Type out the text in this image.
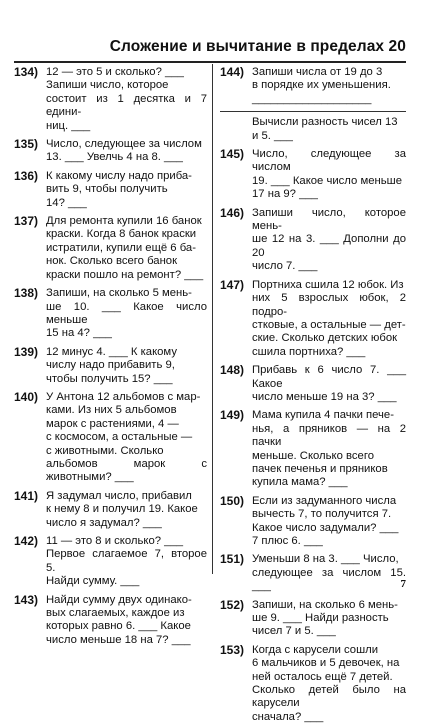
Сложение и вычитание в пределах 20
134) 12 — это 5 и сколько? ___
Запиши число, которое
состоит из 1 десятка и 7 едини-
ниц. ___
135) Число, следующее за числом
13. ___ Увелчь 4 на 8. ___
136) К какому числу надо приба-
вить 9, чтобы получить
14? ___
137) Для ремонта купили 16 банок
краски. Когда 8 банок краски
истратили, купили ещё 6 ба-
нок. Сколько всего банок
краски пошло на ремонт? ___
138) Запиши, на сколько 5 мень-
ше 10. ___ Какое число меньше
15 на 4? ___
139) 12 минус 4. ___ К какому
числу надо прибавить 9,
чтобы получить 15? ___
140) У Антона 12 альбомов с мар-
ками. Из них 5 альбомов
марок с растениями, 4 —
с космосом, а остальные —
с животными. Сколько
альбомов марок с животными? ___
141) Я задумал число, прибавил
к нему 8 и получил 19. Какое
число я задумал? ___
142) 11 — это 8 и сколько? ___
Первое слагаемое 7, второе 5.
Найди сумму. ___
143) Найди сумму двух одинако-
вых слагаемых, каждое из
которых равно 6. ___ Какое
число меньше 18 на 7? ___
144) Запиши числа от 19 до 3
в порядке их уменьшения.
___________________
Вычисли разность чисел 13
и 5. ___
145) Число, следующее за числом
19. ___ Какое число меньше
17 на 9? ___
146) Запиши число, которое мень-
ше 12 на 3. ___ Дополни до 20
число 7. ___
147) Портниха сшила 12 юбок. Из
них 5 взрослых юбок, 2 подро-
стковые, а остальные — дет-
ские. Сколько детских юбок
сшила портниха? ___
148) Прибавь к 6 число 7. ___ Какое
число меньше 19 на 3? ___
149) Мама купила 4 пачки пече-
нья, а пряников — на 2 пачки
меньше. Сколько всего
пачек печенья и пряников
купила мама? ___
150) Если из задуманного числа
вычесть 7, то получится 7.
Какое число задумали? ___
7 плюс 6. ___
151) Уменьши 8 на 3. ___ Число,
следующее за числом 15. ___
152) Запиши, на сколько 6 мень-
ше 9. ___ Найди разность
чисел 7 и 5. ___
153) Когда с карусели сошли
6 мальчиков и 5 девочек, на
ней осталось ещё 7 детей.
Сколько детей было на карусели
сначала? ___
7
